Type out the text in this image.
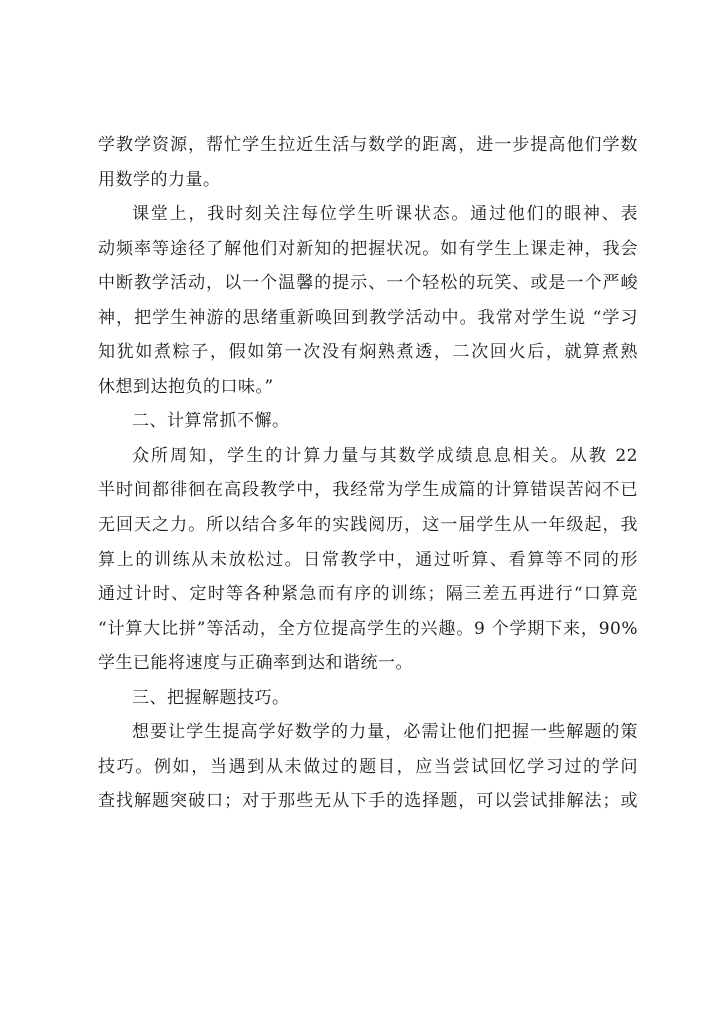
学教学资源，帮忙学生拉近生活与数学的距离，进一步提高他们学数
用数学的力量。
课堂上，我时刻关注每位学生听课状态。通过他们的眼神、表
动频率等途径了解他们对新知的把握状况。如有学生上课走神，我会
中断教学活动，以一个温馨的提示、一个轻松的玩笑、或是一个严峻
神，把学生神游的思绪重新唤回到教学活动中。我常对学生说 “学习
知犹如煮粽子，假如第一次没有焖熟煮透，二次回火后，就算煮熟
休想到达抱负的口味。”
二、计算常抓不懈。
众所周知，学生的计算力量与其数学成绩息息相关。从教 22
半时间都徘徊在高段教学中，我经常为学生成篇的计算错误苦闷不已
无回天之力。所以结合多年的实践阅历，这一届学生从一年级起，我
算上的训练从未放松过。日常教学中，通过听算、看算等不同的形
通过计时、定时等各种紧急而有序的训练；隔三差五再进行“口算竞
“计算大比拼”等活动，全方位提高学生的兴趣。9 个学期下来，90%
学生已能将速度与正确率到达和谐统一。
三、把握解题技巧。
想要让学生提高学好数学的力量，必需让他们把握一些解题的策
技巧。例如，当遇到从未做过的题目，应当尝试回忆学习过的学问
查找解题突破口；对于那些无从下手的选择题，可以尝试排解法；或
